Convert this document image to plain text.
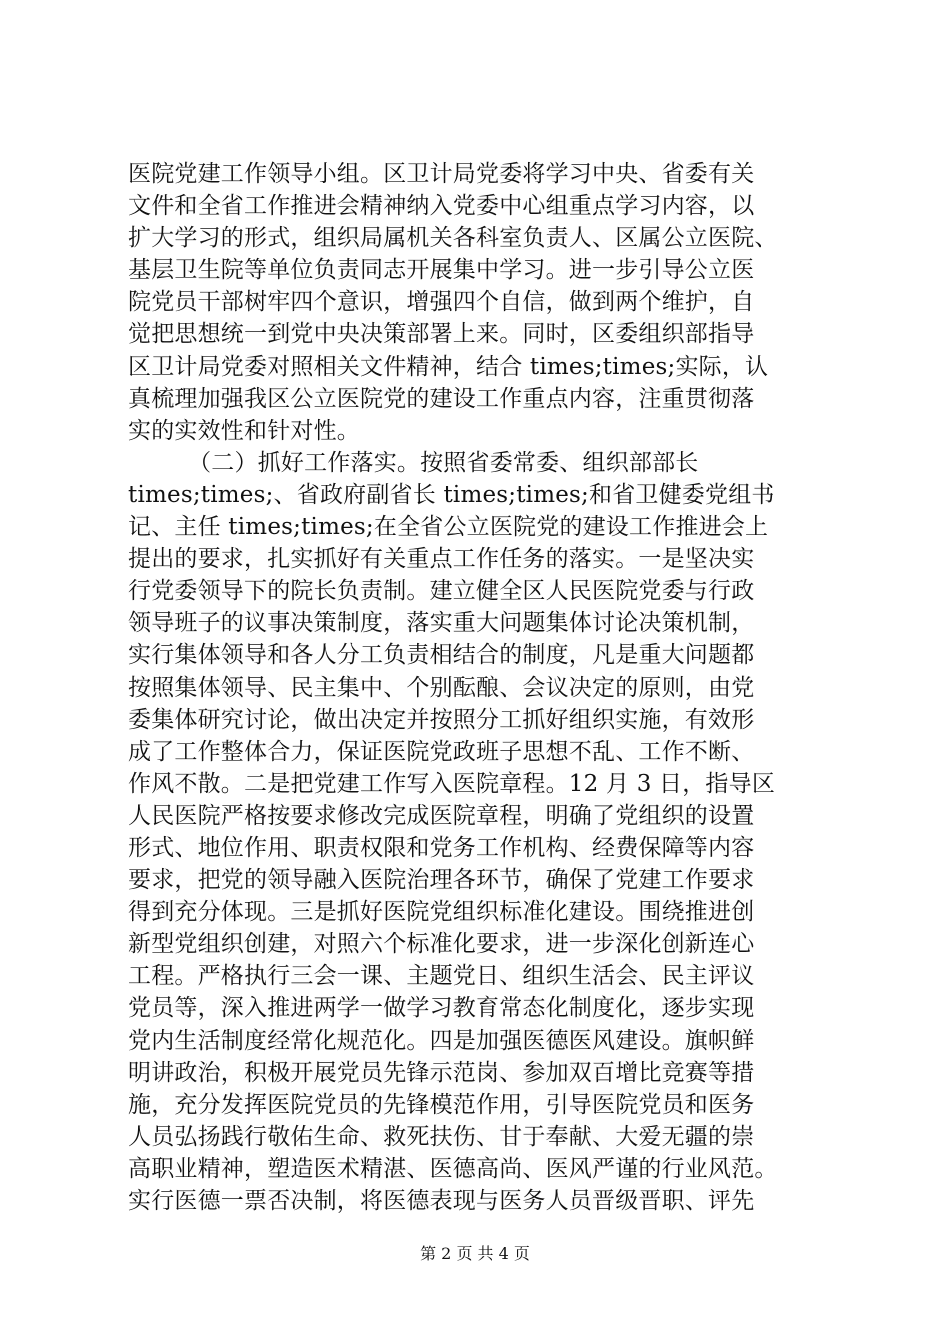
医院党建工作领导小组。区卫计局党委将学习中央、省委有关
文件和全省工作推进会精神纳入党委中心组重点学习内容，以
扩大学习的形式，组织局属机关各科室负责人、区属公立医院、
基层卫生院等单位负责同志开展集中学习。进一步引导公立医
院党员干部树牢四个意识，增强四个自信，做到两个维护，自
觉把思想统一到党中央决策部署上来。同时，区委组织部指导
区卫计局党委对照相关文件精神，结合 times;times;实际，认
真梳理加强我区公立医院党的建设工作重点内容，注重贯彻落
实的实效性和针对性。
（二）抓好工作落实。按照省委常委、组织部部长
times;times;、省政府副省长 times;times;和省卫健委党组书
记、主任 times;times;在全省公立医院党的建设工作推进会上
提出的要求，扎实抓好有关重点工作任务的落实。一是坚决实
行党委领导下的院长负责制。建立健全区人民医院党委与行政
领导班子的议事决策制度，落实重大问题集体讨论决策机制，
实行集体领导和各人分工负责相结合的制度，凡是重大问题都
按照集体领导、民主集中、个别酝酿、会议决定的原则，由党
委集体研究讨论，做出决定并按照分工抓好组织实施，有效形
成了工作整体合力，保证医院党政班子思想不乱、工作不断、
作风不散。二是把党建工作写入医院章程。12 月 3 日，指导区
人民医院严格按要求修改完成医院章程，明确了党组织的设置
形式、地位作用、职责权限和党务工作机构、经费保障等内容
要求，把党的领导融入医院治理各环节，确保了党建工作要求
得到充分体现。三是抓好医院党组织标准化建设。围绕推进创
新型党组织创建，对照六个标准化要求，进一步深化创新连心
工程。严格执行三会一课、主题党日、组织生活会、民主评议
党员等，深入推进两学一做学习教育常态化制度化，逐步实现
党内生活制度经常化规范化。四是加强医德医风建设。旗帜鲜
明讲政治，积极开展党员先锋示范岗、参加双百增比竞赛等措
施，充分发挥医院党员的先锋模范作用，引导医院党员和医务
人员弘扬践行敬佑生命、救死扶伤、甘于奉献、大爱无疆的崇
高职业精神，塑造医术精湛、医德高尚、医风严谨的行业风范。
实行医德一票否决制，将医德表现与医务人员晋级晋职、评先
第 2 页 共 4 页
